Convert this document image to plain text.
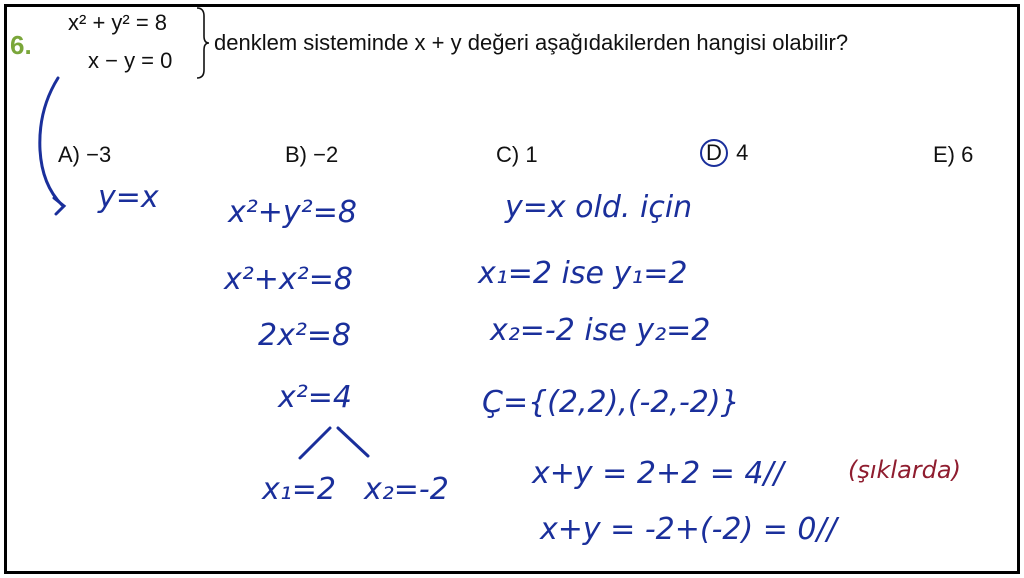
6.
x² + y² = 8
x − y = 0
denklem sisteminde x + y değeri aşağıdakilerden hangisi olabilir?
A) −3	B) −2	C) 1	D 4	E) 6
y=x x²+y²=8
x²+x²=8
2x²=8
x²=4
x₁=2 x₂=-2
y=x old. için
x₁=2 ise y₁=2
x₂=-2 ise y₂=2
Ç={(2,2),(-2,-2)}
x+y = 2+2 = 4//
x+y = -2+(-2) = 0//
(şıklarda)
